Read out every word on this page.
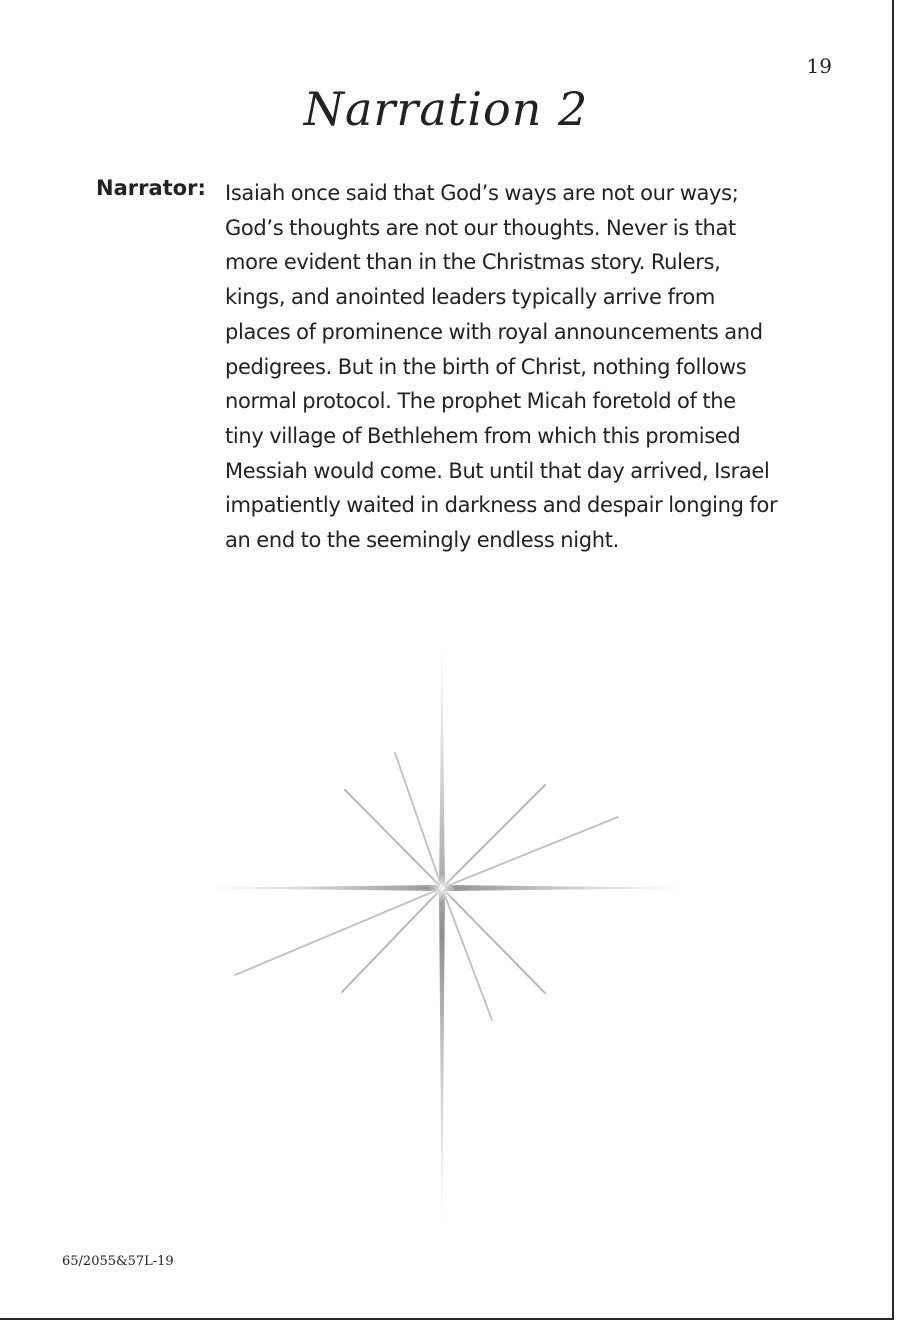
19
Narration 2
Narrator: Isaiah once said that God’s ways are not our ways;
God’s thoughts are not our thoughts. Never is that
more evident than in the Christmas story. Rulers,
kings, and anointed leaders typically arrive from
places of prominence with royal announcements and
pedigrees. But in the birth of Christ, nothing follows
normal protocol. The prophet Micah foretold of the
tiny village of Bethlehem from which this promised
Messiah would come. But until that day arrived, Israel
impatiently waited in darkness and despair longing for
an end to the seemingly endless night.
65/2055&57L-19
